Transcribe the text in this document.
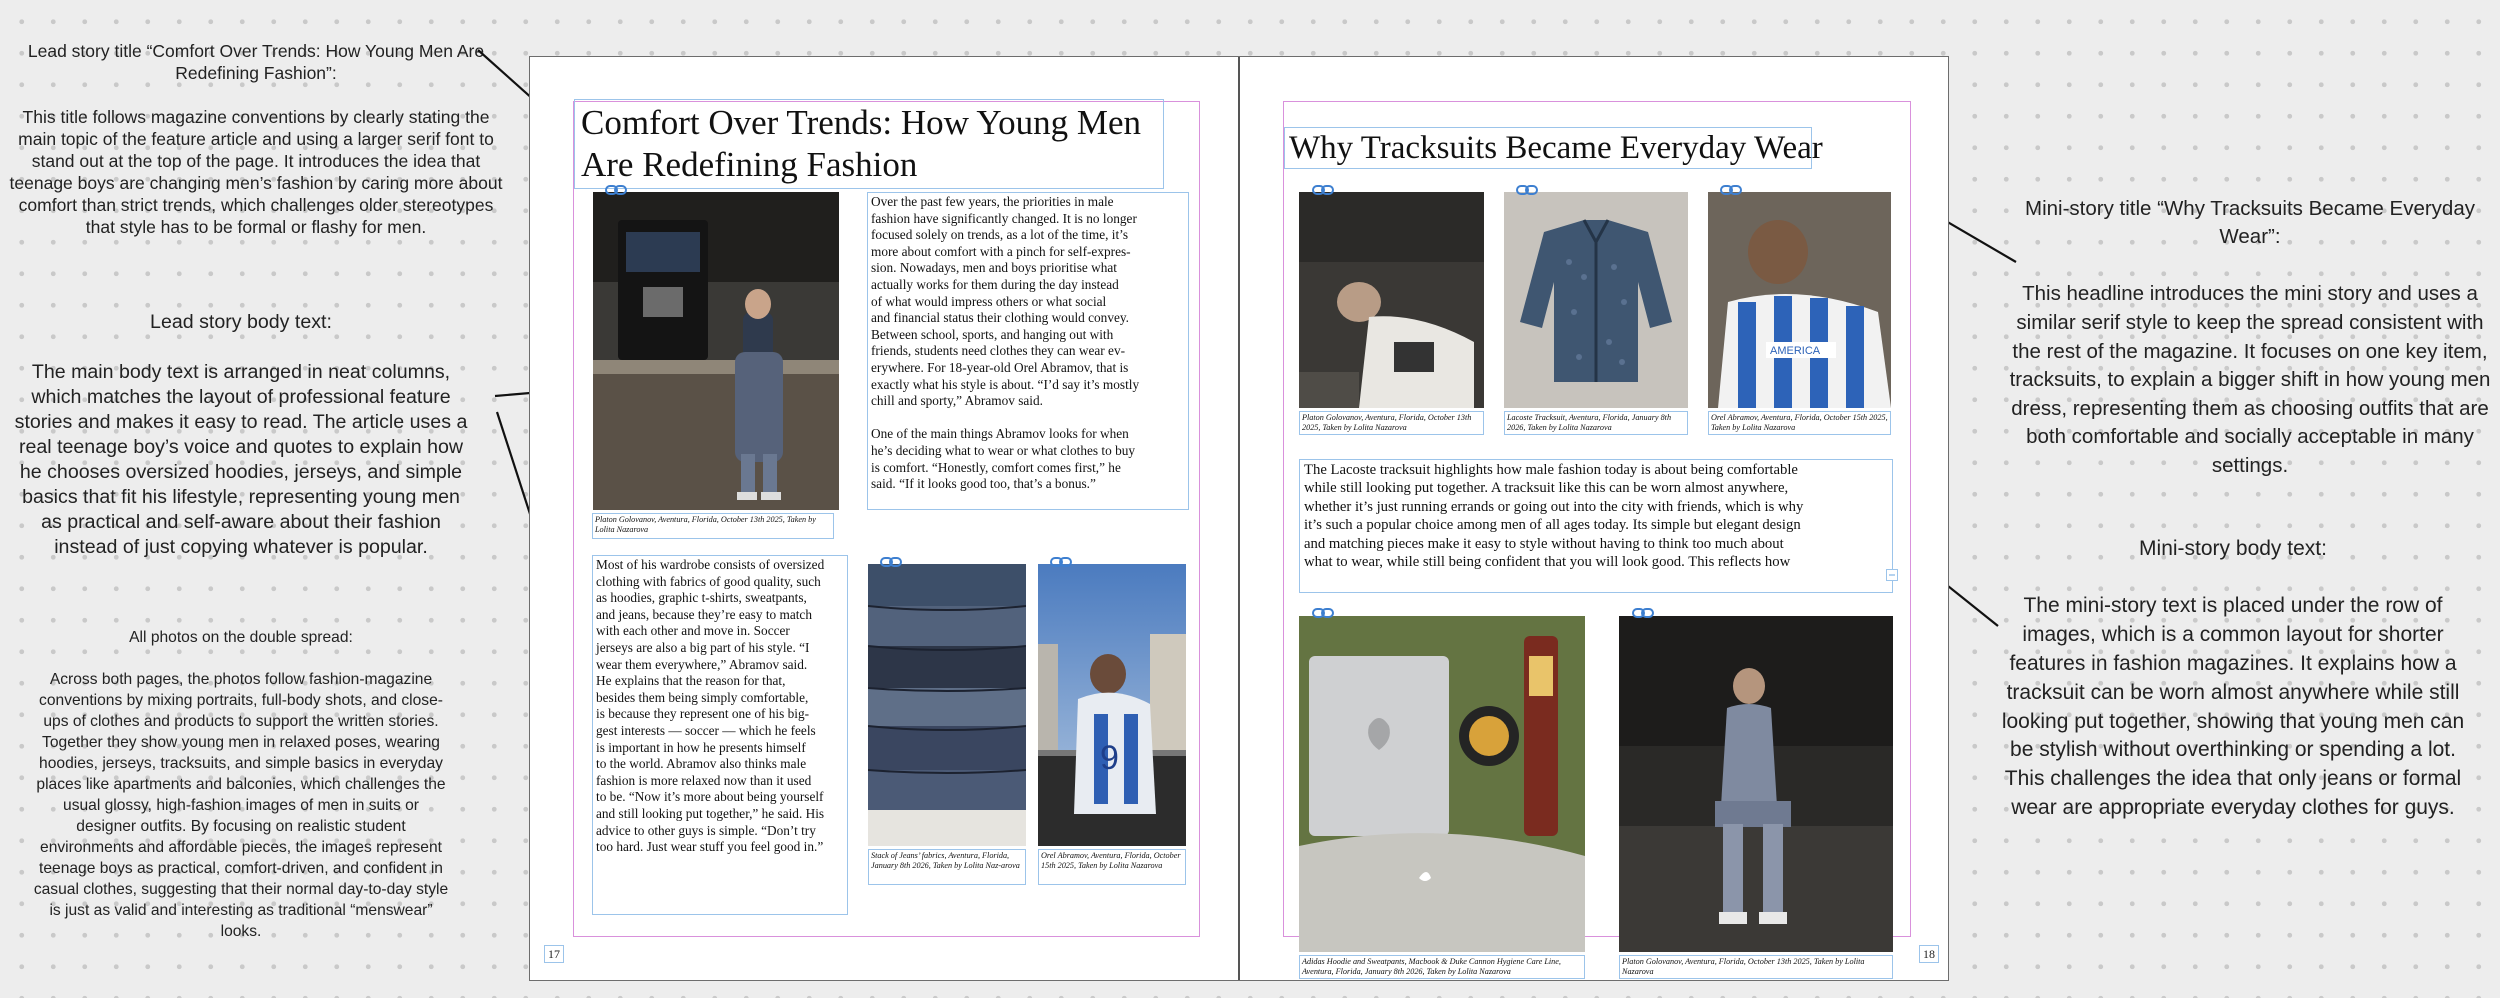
Lead story title “Comfort Over Trends: How Young Men Are Redefining Fashion”:

This title follows magazine conventions by clearly stating the main topic of the feature article and using a larger serif font to stand out at the top of the page. It introduces the idea that teenage boys are changing men’s fashion by caring more about comfort than strict trends, which challenges older stereotypes that style has to be formal or flashy for men.

Lead story body text:

The main body text is arranged in neat columns, which matches the layout of professional feature stories and makes it easy to read. The article uses a real teenage boy’s voice and quotes to explain how he chooses oversized hoodies, jerseys, and simple basics that fit his lifestyle, representing young men as practical and self-aware about their fashion instead of just copying whatever is popular.

All photos on the double spread:

Across both pages, the photos follow fashion-magazine conventions by mixing portraits, full-body shots, and close-ups of clothes and products to support the written stories. Together they show young men in relaxed poses, wearing hoodies, jerseys, tracksuits, and simple basics in everyday places like apartments and balconies, which challenges the usual glossy, high-fashion images of men in suits or designer outfits. By focusing on realistic student environments and affordable pieces, the images represent teenage boys as practical, comfort-driven, and confident in casual clothes, suggesting that their normal day-to-day style is just as valid and interesting as traditional “menswear” looks.

Mini-story title “Why Tracksuits Became Everyday Wear”:

This headline introduces the mini story and uses a similar serif style to keep the spread consistent with the rest of the magazine. It focuses on one key item, tracksuits, to explain a bigger shift in how young men dress, representing them as choosing outfits that are both comfortable and socially acceptable in many settings.

Mini-story body text:

The mini-story text is placed under the row of images, which is a common layout for shorter features in fashion magazines. It explains how a tracksuit can be worn almost anywhere while still looking put together, showing that young men can be stylish without overthinking or spending a lot. This challenges the idea that only jeans or formal wear are appropriate everyday clothes for guys.

Comfort Over Trends: How Young Men Are Redefining Fashion
Platon Golovanov, Aventura, Florida, October 13th 2025, Taken by Lolita Nazarova
Over the past few years, the priorities in male
fashion have significantly changed. It is no longer
focused solely on trends, as a lot of the time, it’s
more about comfort with a pinch for self-expres-
sion. Nowadays, men and boys prioritise what
actually works for them during the day instead
of what would impress others or what social
and financial status their clothing would convey.
Between school, sports, and hanging out with
friends, students need clothes they can wear ev-
erywhere. For 18-year-old Orel Abramov, that is
exactly what his style is about. “I’d say it’s mostly
chill and sporty,” Abramov said.

One of the main things Abramov looks for when
he’s deciding what to wear or what clothes to buy
is comfort. “Honestly, comfort comes first,” he
said. “If it looks good too, that’s a bonus.”
Most of his wardrobe consists of oversized
clothing with fabrics of good quality, such
as hoodies, graphic t-shirts, sweatpants,
and jeans, because they’re easy to match
with each other and move in. Soccer
jerseys are also a big part of his style. “I
wear them everywhere,” Abramov said.
He explains that the reason for that,
besides them being simply comfortable,
is because they represent one of his big-
gest interests — soccer — which he feels
is important in how he presents himself
to the world. Abramov also thinks male
fashion is more relaxed now than it used
to be. “Now it’s more about being yourself
and still looking put together,” he said. His
advice to other guys is simple. “Don’t try
too hard. Just wear stuff you feel good in.”
Stack of Jeans’ fabrics, Aventura, Florida, January 8th 2026, Taken by Lolita Naz-arova
9
Orel Abramov, Aventura, Florida, October 15th 2025, Taken by Lolita Nazarova
17
Why Tracksuits Became Everyday Wear
Platon Golovanov, Aventura, Florida, October 13th 2025, Taken by Lolita Nazarova
Lacoste Tracksuit, Aventura, Florida, January 8th 2026, Taken by Lolita Nazarova
AMERICA
Orel Abramov, Aventura, Florida, October 15th 2025, Taken by Lolita Nazarova
The Lacoste tracksuit highlights how male fashion today is about being comfortable
while still looking put together. A tracksuit like this can be worn almost anywhere,
whether it’s just running errands or going out into the city with friends, which is why
it’s such a popular choice among men of all ages today. Its simple but elegant design
and matching pieces make it easy to style without having to think too much about
what to wear, while still being confident that you will look good. This reflects how
Adidas Hoodie and Sweatpants, Macbook & Duke Cannon Hygiene Care Line, Aventura, Florida, January 8th 2026, Taken by Lolita Nazarova
Platon Golovanov, Aventura, Florida, October 13th 2025, Taken by Lolita Nazarova
18
